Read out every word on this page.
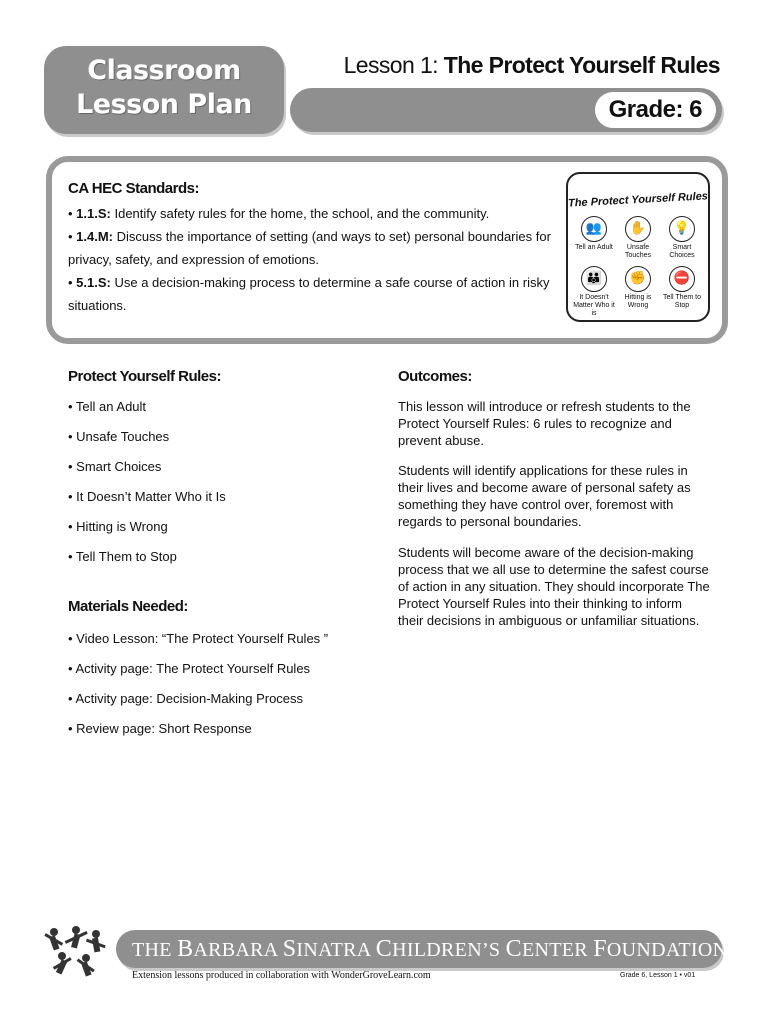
Classroom
Lesson Plan
Lesson 1: The Protect Yourself Rules
Grade: 6
CA HEC Standards:
• 1.1.S: Identify safety rules for the home, the school, and the community.
• 1.4.M: Discuss the importance of setting (and ways to set) personal boundaries for privacy, safety, and expression of emotions.
• 5.1.S: Use a decision-making process to determine a safe course of action in risky situations.
The Protect Yourself Rules
👥
Tell an Adult
✋
Unsafe Touches
💡
Smart Choices
👪
It Doesn't Matter Who it is
✊
Hitting is Wrong
⛔
Tell Them to Stop
Protect Yourself Rules:
• Tell an Adult
• Unsafe Touches
• Smart Choices
• It Doesn’t Matter Who it Is
• Hitting is Wrong
• Tell Them to Stop
Materials Needed:
• Video Lesson: “The Protect Yourself Rules ”
• Activity page: The Protect Yourself Rules
• Activity page: Decision-Making Process
• Review page: Short Response
Outcomes:
This lesson will introduce or refresh students to the Protect Yourself Rules: 6 rules to recognize and prevent abuse.
Students will identify applications for these rules in their lives and become aware of personal safety as something they have control over, foremost with regards to personal boundaries.
Students will become aware of the decision-making process that we all use to determine the safest course of action in any situation. They should incorporate The Protect Yourself Rules into their thinking to inform their decisions in ambiguous or unfamiliar situations.
THE BARBARA SINATRA CHILDREN’S CENTER FOUNDATION
Extension lessons produced in collaboration with WonderGroveLearn.com	Grade 6, Lesson 1 • v01
